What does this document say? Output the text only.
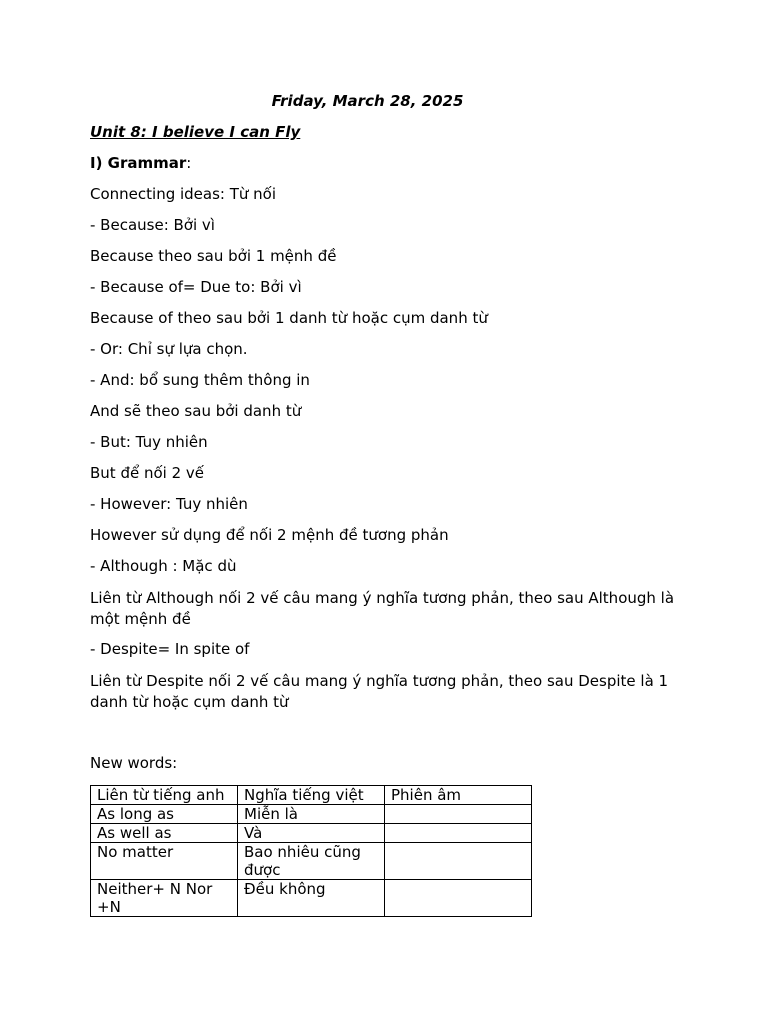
Friday, March 28, 2025
Unit 8: I believe I can Fly
I) Grammar:
Connecting ideas: Từ nối
- Because: Bởi vì
Because theo sau bởi 1 mệnh đề
- Because of= Due to: Bởi vì
Because of theo sau bởi 1 danh từ hoặc cụm danh từ
- Or: Chỉ sự lựa chọn.
- And: bổ sung thêm thông in
And sẽ theo sau bởi danh từ
- But: Tuy nhiên
But để nối 2 vế
- However: Tuy nhiên
However sử dụng để nối 2 mệnh đề tương phản
- Although : Mặc dù
Liên từ Although nối 2 vế câu mang ý nghĩa tương phản, theo sau Although là một mệnh đề
- Despite= In spite of
Liên từ Despite nối 2 vế câu mang ý nghĩa tương phản, theo sau Despite là 1 danh từ hoặc cụm danh từ
New words:
Liên từ tiếng anh	Nghĩa tiếng việt	Phiên âm
As long as	Miễn là	
As well as	Và	
No matter	Bao nhiêu cũng được	
Neither+ N Nor +N	Đều không	
